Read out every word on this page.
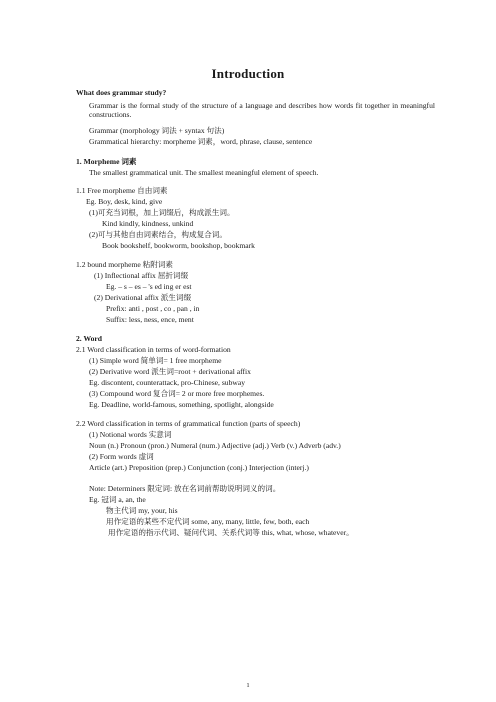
Introduction
What does grammar study?
Grammar is the formal study of the structure of a language and describes how words fit together in meaningful constructions.
Grammar (morphology 词法 + syntax 句法)
Grammatical hierarchy: morpheme 词素，word, phrase, clause, sentence
1. Morpheme 词素
The smallest grammatical unit. The smallest meaningful element of speech.
1.1 Free morpheme 自由词素
Eg. Boy, desk, kind, give
(1)可充当词根，加上词缀后，构成派生词。
Kind kindly, kindness, unkind
(2)可与其他自由词素结合，构成复合词。
Book bookshelf, bookworm, bookshop, bookmark
1.2 bound morpheme 粘附词素
(1) Inflectional affix 屈折词缀
Eg. – s – es – 's ed ing er est
(2) Derivational affix 派生词缀
Prefix: anti , post , co , pan , in
Suffix: less, ness, ence, ment
2. Word
2.1 Word classification in terms of word-formation
(1) Simple word 简单词= 1 free morpheme
(2) Derivative word 派生词=root + derivational affix
Eg. discontent, counterattack, pro-Chinese, subway
(3) Compound word 复合词= 2 or more free morphemes.
Eg. Deadline, world-famous, something, spotlight, alongside
2.2 Word classification in terms of grammatical function (parts of speech)
(1) Notional words 实意词
Noun (n.) Pronoun (pron.) Numeral (num.) Adjective (adj.) Verb (v.) Adverb (adv.)
(2) Form words 虚词
Article (art.) Preposition (prep.) Conjunction (conj.) Interjection (interj.)
Note: Determiners 限定词: 放在名词前帮助说明词义的词。
Eg. 冠词 a, an, the
物主代词 my, your, his
用作定语的某些不定代词 some, any, many, little, few, both, each
用作定语的指示代词、疑问代词、关系代词等 this, what, whose, whatever。
1
